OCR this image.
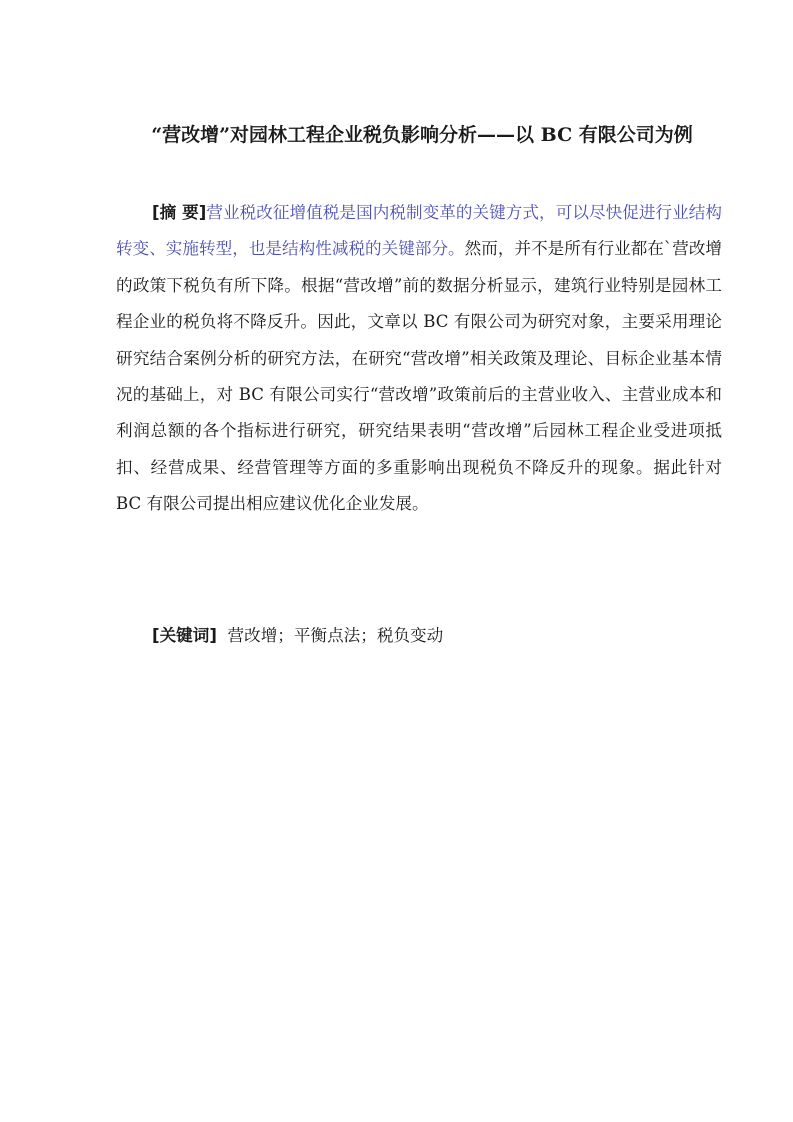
“营改增”对园林工程企业税负影响分析——以 BC 有限公司为例

[摘 要]营业税改征增值税是国内税制变革的关键方式，可以尽快促进行业结构转变、实施转型，也是结构性减税的关键部分。然而，并不是所有行业都在`营改增的政策下税负有所下降。根据“营改增”前的数据分析显示，建筑行业特别是园林工程企业的税负将不降反升。因此，文章以 BC 有限公司为研究对象，主要采用理论研究结合案例分析的研究方法，在研究“营改增”相关政策及理论、目标企业基本情况的基础上，对 BC 有限公司实行“营改增”政策前后的主营业收入、主营业成本和利润总额的各个指标进行研究，研究结果表明“营改增”后园林工程企业受进项抵扣、经营成果、经营管理等方面的多重影响出现税负不降反升的现象。据此针对 BC 有限公司提出相应建议优化企业发展。

[关键词] 营改增；平衡点法；税负变动
